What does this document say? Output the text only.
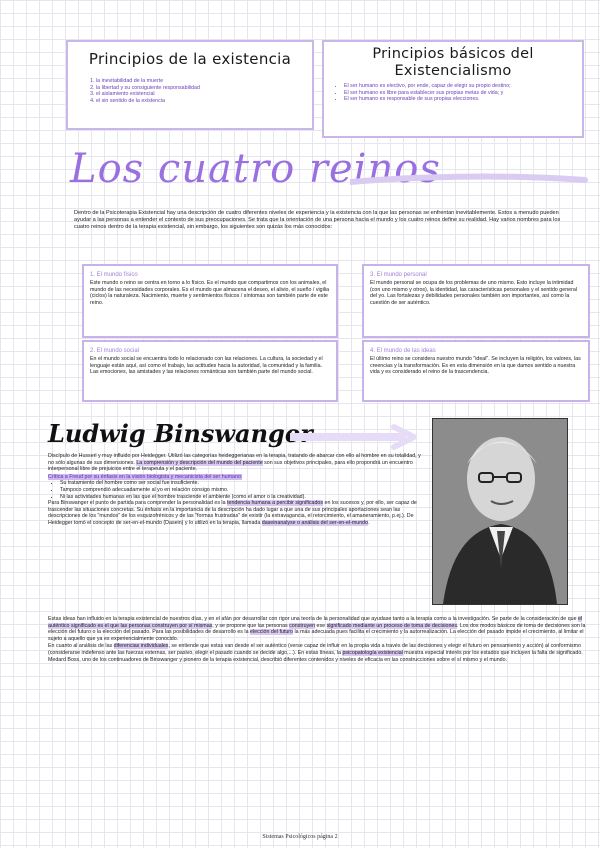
Principios de la existencia
1. la inevitabilidad de la muerte
2. la libertad y su consiguiente responsabilidad
3. el aislamiento existencial
4. el sin sentido de la existencia
Principios básicos del
Existencialismo
• El ser humano es electivo, por ende, capaz de elegir su propio destino;
• El ser humano es libre para establecer sus propias metas de vida; y
• El ser humano es responsable de sus propias elecciones.
Los cuatro reinos
Dentro de la Psicoterapia Existencial hay una descripción de cuatro diferentes niveles de experiencia y la existencia con la que las personas se enfrentan inevitablemente. Estos a menudo pueden ayudar a las personas a entender el contexto de sus preocupaciones. Se trata que la orientación de una persona hacia el mundo y los cuatro reinos define su realidad. Hay varios nombres para los cuatro reinos dentro de la terapia existencial, sin embargo, los siguientes son quizás los más conocidos:
1. El mundo físico
Este mundo o reino se centra en torno a lo físico. Es el mundo que compartimos con los animales, el mundo de las necesidades corporales. Es el mundo que almacena el deseo, el alivio, el sueño / vigilia (ciclos) la naturaleza. Nacimiento, muerte y sentimientos físicos / síntomas son también parte de este reino.
3. El mundo personal
El mundo personal se ocupa de los problemas de uno mismo. Esto incluye la intimidad (con uno mismo y otros), la identidad, las características personales y el sentido general del yo. Las fortalezas y debilidades personales también son importantes, así como la cuestión de ser auténtico.
2. El mundo social
En el mundo social se encuentra todo lo relacionado con las relaciones. La cultura, la sociedad y el lenguaje están aquí, así como el trabajo, las actitudes hacia la autoridad, la comunidad y la familia. Las emociones, las amistades y las relaciones románticas son también parte del mundo social.
4. El mundo de las ideas
El último reino se considera nuestro mundo "ideal". Se incluyen la religión, los valores, las creencias y la transformación. Es en esta dimensión en la que damos sentido a nuestra vida y es considerado el reino de la trascendencia.
Ludwig Binswanger
Discípulo de Husserl y muy influido por Heidegger. Utilizó las categorías heideggerianas en la terapia, tratando de abarcar con ello al hombre en su totalidad, y no sólo algunas de sus dimensiones. La comprensión y descripción del mundo del paciente son sus objetivos principales, para ello propondrá un encuentro interpersonal libre de prejuicios entre el terapeuta y el paciente.
Crítica a Freud por su énfasis en la visión biologista y mecanicista del ser humano:
• Su tratamiento del hombre como ser social fue insuficiente.
• Tampoco comprendió adecuadamente al yo en relación consigo mismo.
• Ni las actividades humanas en las que el hombre trasciende el ambiente (como el amor o la creatividad).
Para Binswanger el punto de partida para comprender la personalidad es la tendencia humana a percibir significados en los sucesos y, por ello, ser capaz de trascender las situaciones concretas. Su énfasis en la importancia de la descripción ha dado lugar a que una de sus principales aportaciones sean las descripciones de los "mundos" de los esquizofrénicos y de las "formas frustradas" de existir (la extravagancia, el retorcimiento, el amaneramiento, p.ej.). De Heidegger tomó el concepto de ser-en-el-mundo (Dasein) y lo utilizó en la terapia, llamada daseinanalyse o análisis del ser-en-el-mundo.
Estas ideas han influido en la terapia existencial de nuestros días, y en el afán por desarrollar con rigor una teoría de la personalidad que ayudase tanto a la terapia como a la investigación. Se parte de la consideración de que el auténtico significado es el que las personas construyen por sí mismas, y se propone que las personas construyen ese significado mediante un proceso de toma de decisiones. Los dos modos básicos de toma de decisiones son la elección del futuro o la elección del pasado. Para las posibilidades de desarrollo es la elección del futuro la más adecuada pues facilita el crecimiento y la autorrealización. La elección del pasado impide el crecimiento, al limitar el sujeto a aquello que ya es experiencialmente conocido.
En cuanto al análisis de las diferencias individuales, se entiende que estas van desde el ser auténtico (verse capaz de influir en la propia vida a través de las decisiones y elegir el futuro en pensamiento y acción) al conformismo (considerarse indefenso ante las fuerzas externas, ser pasivo, elegir el pasado cuando se decide algo,...). En estas líneas, la psicopatología existencial muestra especial interés por los estados que incluyen la falta de significado. Medard Boss, uno de los continuadores de Binswanger y pionero de la terapia existencial, describió diferentes contenidos y niveles de eficacia en las construcciones sobre el sí mismo y el mundo.
Sistemas Psicológicos página 2
